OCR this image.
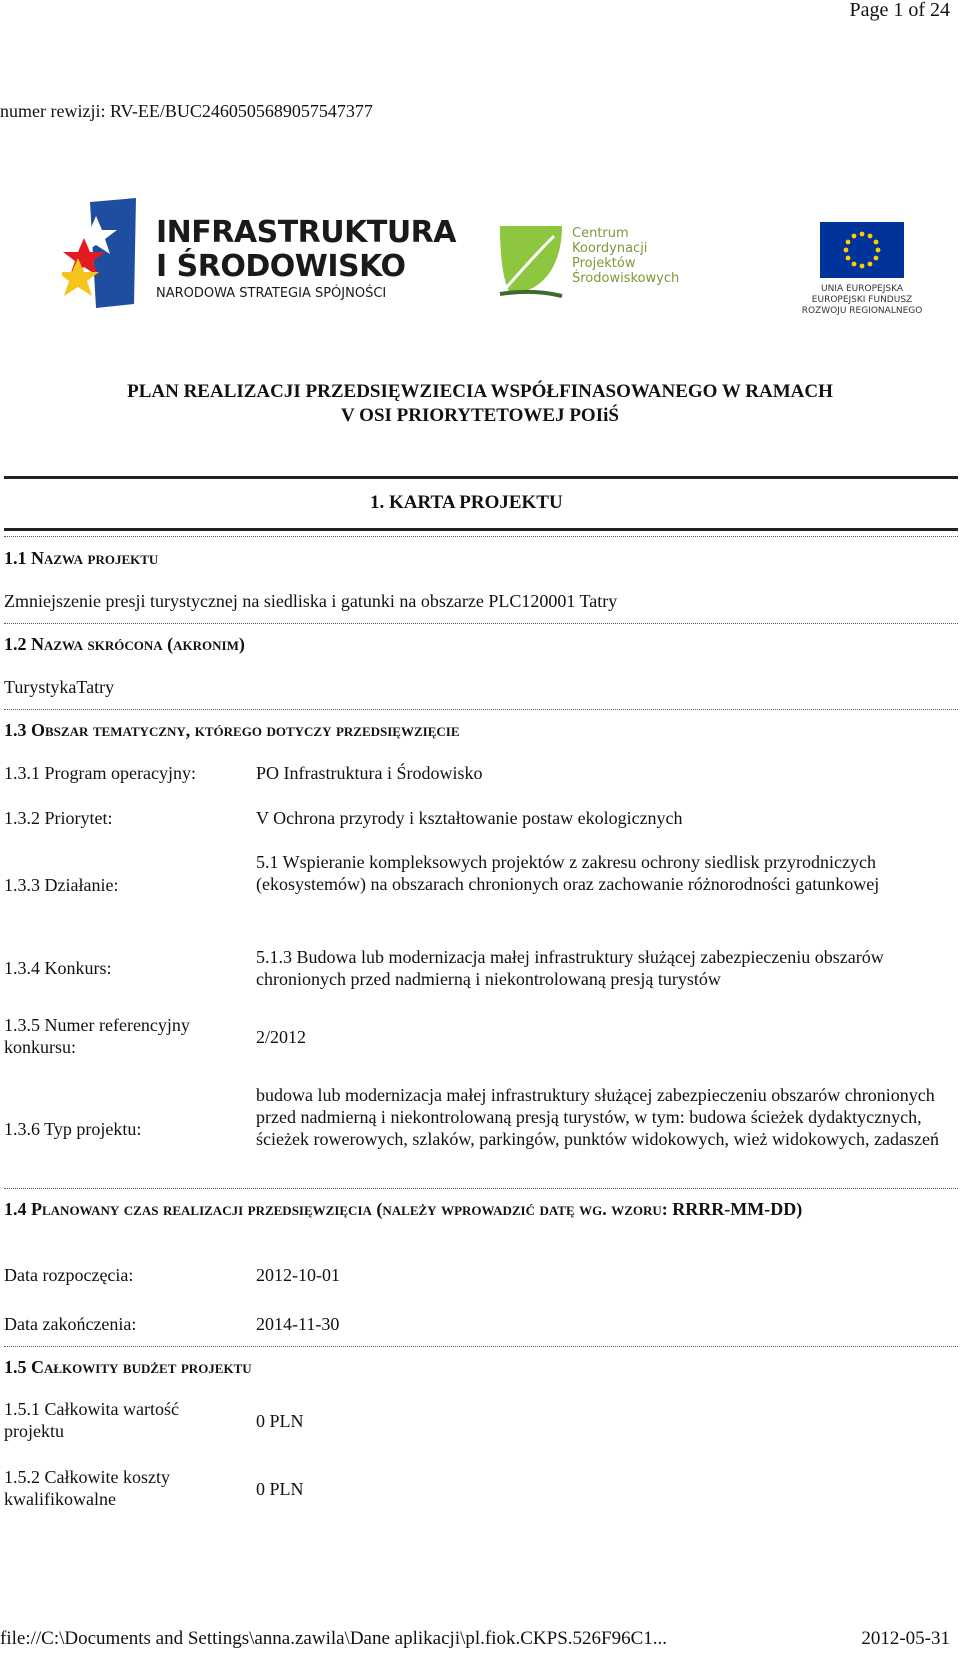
Page 1 of 24
numer rewizji: RV-EE/BUC2460505689057547377
INFRASTRUKTURA
I ŚRODOWISKO
NARODOWA STRATEGIA SPÓJNOŚCI
Centrum
Koordynacji
Projektów
Środowiskowych
UNIA EUROPEJSKA
EUROPEJSKI FUNDUSZ
ROZWOJU REGIONALNEGO
PLAN REALIZACJI PRZEDSIĘWZIECIA WSPÓŁFINASOWANEGO W RAMACH
V OSI PRIORYTETOWEJ POIiŚ
1. KARTA PROJEKTU
1.1 Nazwa projektu
Zmniejszenie presji turystycznej na siedliska i gatunki na obszarze PLC120001 Tatry
1.2 Nazwa skrócona (akronim)
TurystykaTatry
1.3 Obszar tematyczny, którego dotyczy przedsięwzięcie
1.3.1 Program operacyjny:	PO Infrastruktura i Środowisko
1.3.2 Priorytet:	V Ochrona przyrody i kształtowanie postaw ekologicznych
1.3.3 Działanie:
5.1 Wspieranie kompleksowych projektów z zakresu ochrony siedlisk przyrodniczych (ekosystemów) na obszarach chronionych oraz zachowanie różnorodności gatunkowej
1.3.4 Konkurs:
5.1.3 Budowa lub modernizacja małej infrastruktury służącej zabezpieczeniu obszarów chronionych przed nadmierną i niekontrolowaną presją turystów
1.3.5 Numer referencyjny konkursu:	2/2012
1.3.6 Typ projektu:
budowa lub modernizacja małej infrastruktury służącej zabezpieczeniu obszarów chronionych przed nadmierną i niekontrolowaną presją turystów, w tym: budowa ścieżek dydaktycznych, ścieżek rowerowych, szlaków, parkingów, punktów widokowych, wież widokowych, zadaszeń
1.4 Planowany czas realizacji przedsięwzięcia (należy wprowadzić datę wg. wzoru: RRRR-MM-DD)
Data rozpoczęcia:	2012-10-01
Data zakończenia:	2014-11-30
1.5 Całkowity budżet projektu
1.5.1 Całkowita wartość projektu	0 PLN
1.5.2 Całkowite koszty kwalifikowalne	0 PLN
file://C:\Documents and Settings\anna.zawila\Dane aplikacji\pl.fiok.CKPS.526F96C1...	2012-05-31
